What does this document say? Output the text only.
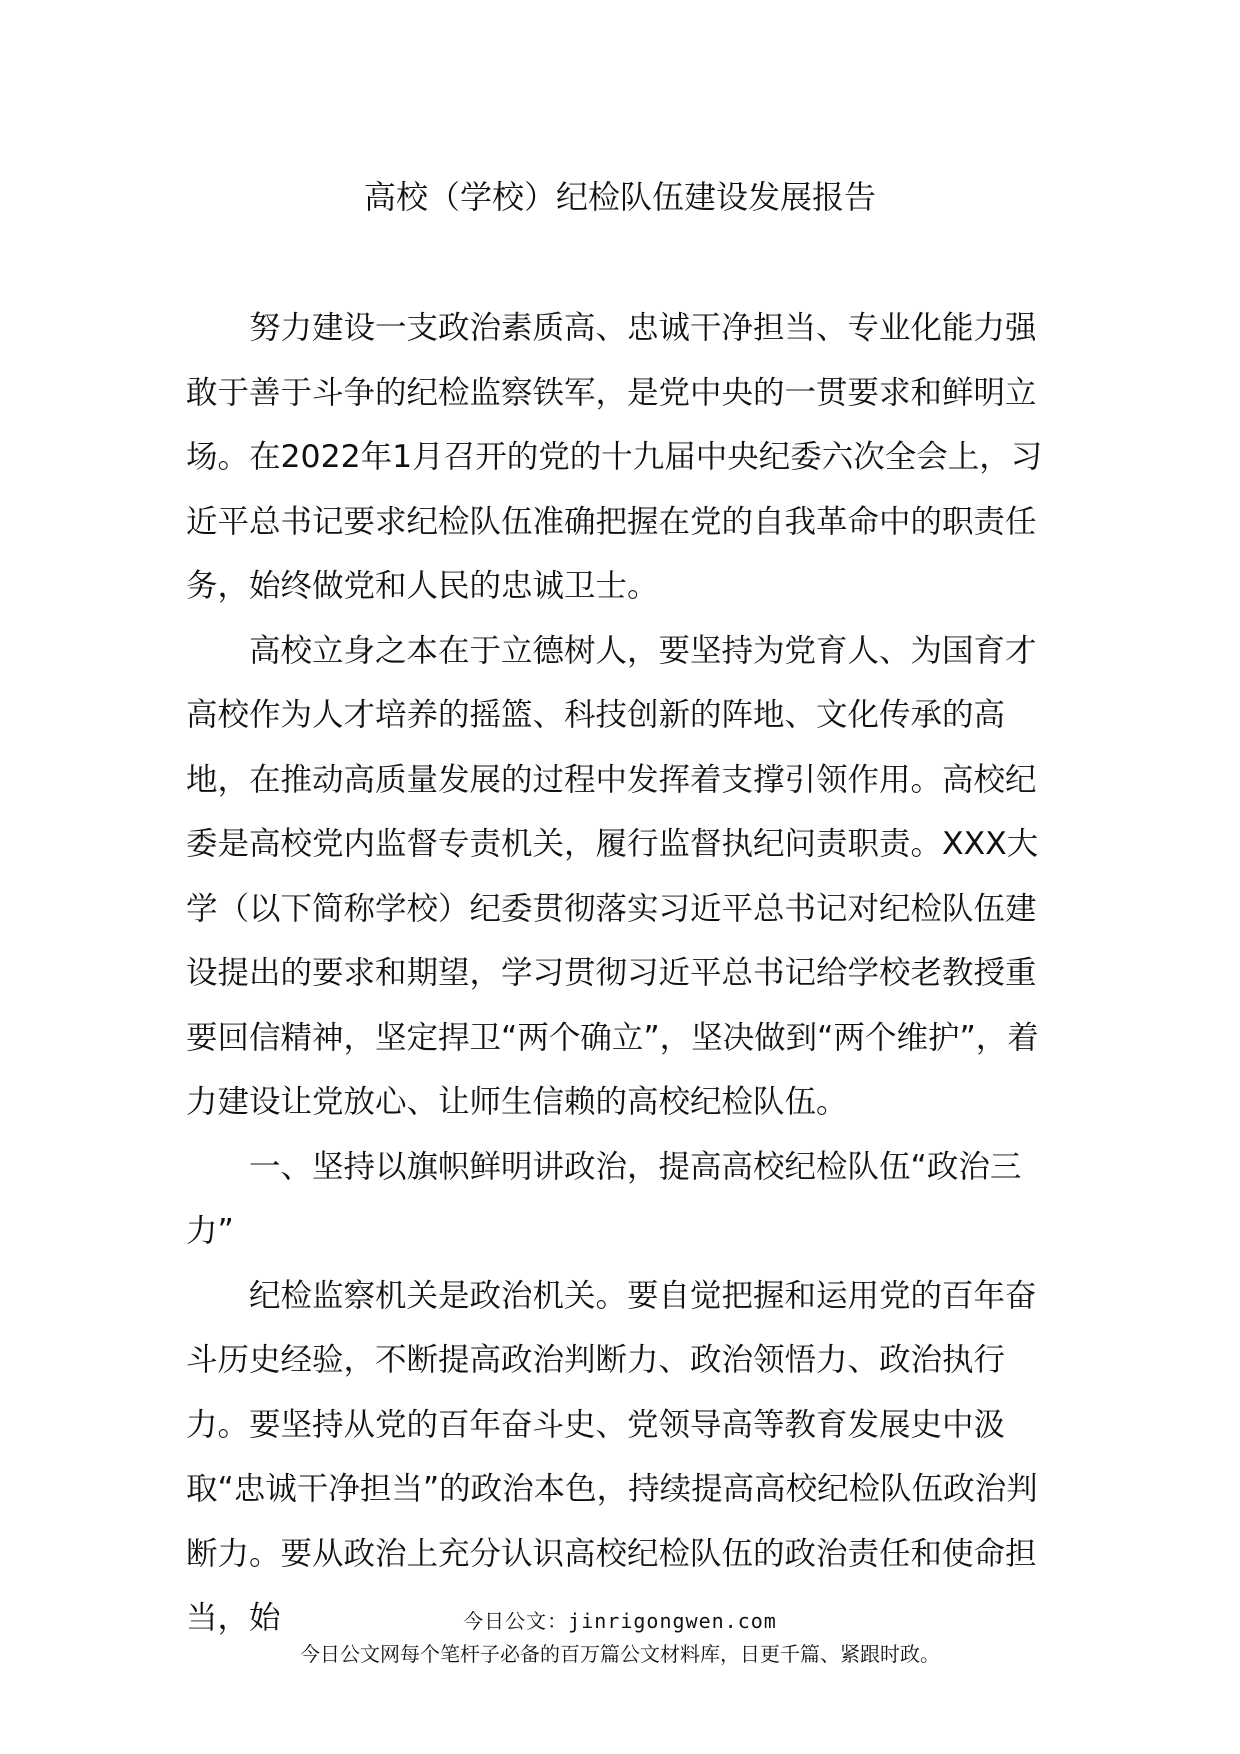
高校（学校）纪检队伍建设发展报告

努力建设一支政治素质高、忠诚干净担当、专业化能力强敢于善于斗争的纪检监察铁军，是党中央的一贯要求和鲜明立场。在2022年1月召开的党的十九届中央纪委六次全会上，习近平总书记要求纪检队伍准确把握在党的自我革命中的职责任务，始终做党和人民的忠诚卫士。

高校立身之本在于立德树人，要坚持为党育人、为国育才高校作为人才培养的摇篮、科技创新的阵地、文化传承的高地，在推动高质量发展的过程中发挥着支撑引领作用。高校纪委是高校党内监督专责机关，履行监督执纪问责职责。XXX大学（以下简称学校）纪委贯彻落实习近平总书记对纪检队伍建设提出的要求和期望，学习贯彻习近平总书记给学校老教授重要回信精神，坚定捍卫“两个确立”，坚决做到“两个维护”，着力建设让党放心、让师生信赖的高校纪检队伍。

一、坚持以旗帜鲜明讲政治，提高高校纪检队伍“政治三力”

纪检监察机关是政治机关。要自觉把握和运用党的百年奋斗历史经验，不断提高政治判断力、政治领悟力、政治执行力。要坚持从党的百年奋斗史、党领导高等教育发展史中汲取“忠诚干净担当”的政治本色，持续提高高校纪检队伍政治判断力。要从政治上充分认识高校纪检队伍的政治责任和使命担当，始	今日公文：jinrigongwen.com
今日公文网每个笔杆子必备的百万篇公文材料库，日更千篇、紧跟时政。
